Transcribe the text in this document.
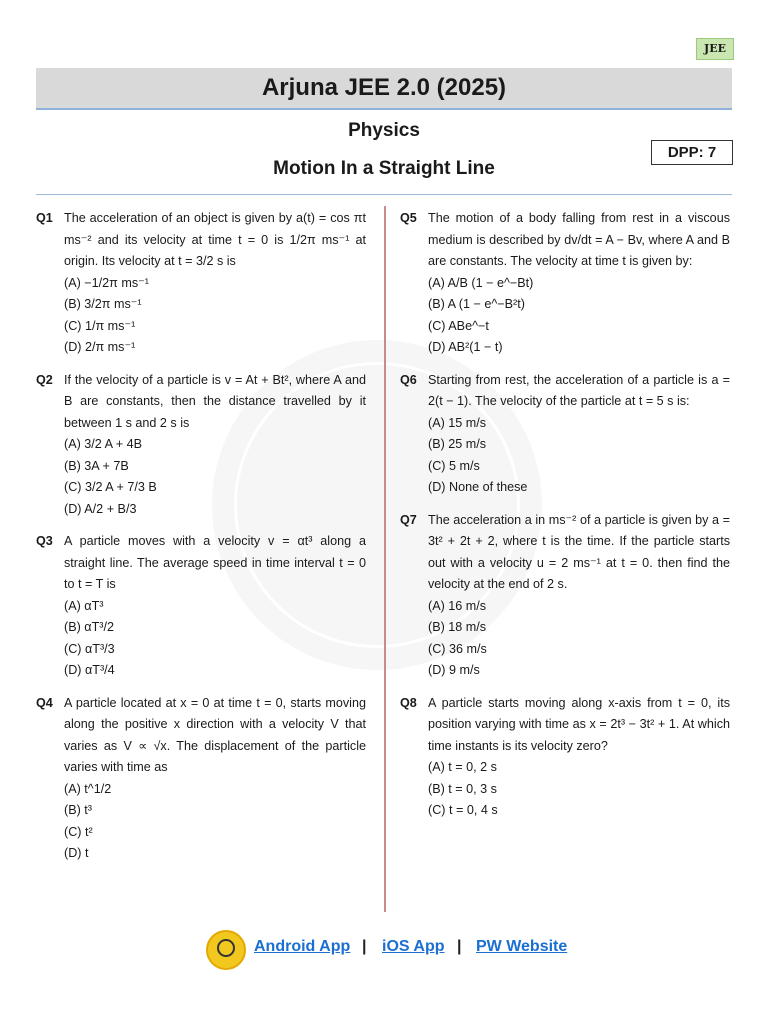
JEE
Arjuna JEE 2.0 (2025)
Physics
Motion In a Straight Line
DPP: 7
Q1 The acceleration of an object is given by a(t) = cos πt ms⁻² and its velocity at time t = 0 is 1/2π ms⁻¹ at origin. Its velocity at t = 3/2 s is
(A) −1/2π ms⁻¹
(B) 3/2π ms⁻¹
(C) 1/π ms⁻¹
(D) 2/π ms⁻¹
Q2 If the velocity of a particle is v = At + Bt², where A and B are constants, then the distance travelled by it between 1 s and 2 s is
(A) 3/2 A + 4B
(B) 3A + 7B
(C) 3/2 A + 7/3 B
(D) A/2 + B/3
Q3 A particle moves with a velocity v = αt³ along a straight line. The average speed in time interval t = 0 to t = T is
(A) αT³
(B) αT³/2
(C) αT³/3
(D) αT³/4
Q4 A particle located at x = 0 at time t = 0, starts moving along the positive x direction with a velocity V that varies as V ∝ √x. The displacement of the particle varies with time as
(A) t^1/2
(B) t³
(C) t²
(D) t
Q5 The motion of a body falling from rest in a viscous medium is described by dv/dt = A − Bv, where A and B are constants. The velocity at time t is given by:
(A) A/B (1 − e^−Bt)
(B) A (1 − e^−B²t)
(C) ABe^−t
(D) AB²(1 − t)
Q6 Starting from rest, the acceleration of a particle is a = 2(t − 1). The velocity of the particle at t = 5 s is:
(A) 15 m/s
(B) 25 m/s
(C) 5 m/s
(D) None of these
Q7 The acceleration a in ms⁻² of a particle is given by a = 3t² + 2t + 2, where t is the time. If the particle starts out with a velocity u = 2 ms⁻¹ at t = 0. then find the velocity at the end of 2 s.
(A) 16 m/s
(B) 18 m/s
(C) 36 m/s
(D) 9 m/s
Q8 A particle starts moving along x-axis from t = 0, its position varying with time as x = 2t³ − 3t² + 1. At which time instants is its velocity zero?
(A) t = 0, 2 s
(B) t = 0, 3 s
(C) t = 0, 4 s
Android App | iOS App | PW Website
